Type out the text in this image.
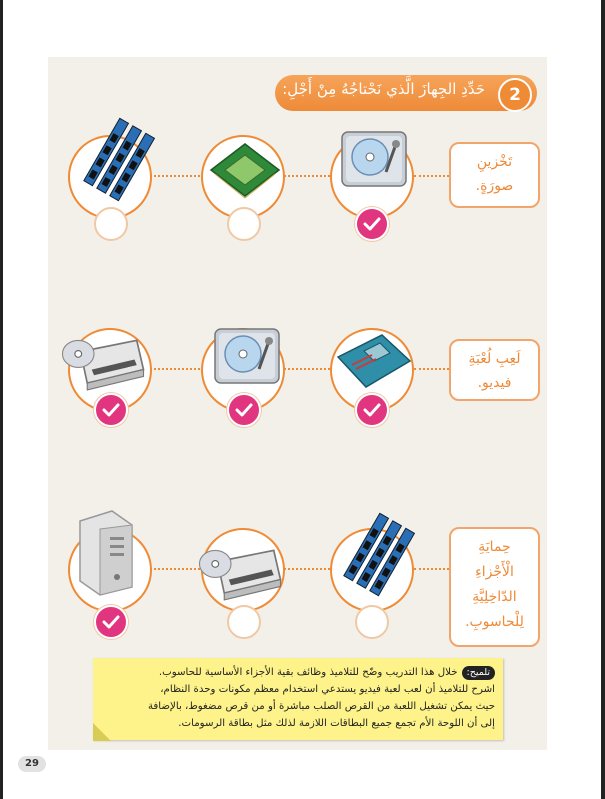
حَدِّدِ الجِهازَ الَّذي نَحْتاجُهُ مِنْ أَجْلِ:	2
تَخْزينِ
صورَةٍ.
لَعِبِ لُعْبَةِ
فيديو.
حِمايَةِ
الْأَجْزاءِ
الدّاخِلِيَّةِ
لِلْحاسوبِ.
تلميح:خلال هذا التدريب وضّح للتلاميذ وظائف بقية الأجزاء الأساسية للحاسوب.
اشرح للتلاميذ أن لعب لعبة فيديو يستدعي استخدام معظم مكونات وحدة النظام،
حيث يمكن تشغيل اللعبة من القرص الصلب مباشرة أو من قرص مضغوط، بالإضافة
إلى أن اللوحة الأم تجمع جميع البطاقات اللازمة لذلك مثل بطاقة الرسومات.
29
